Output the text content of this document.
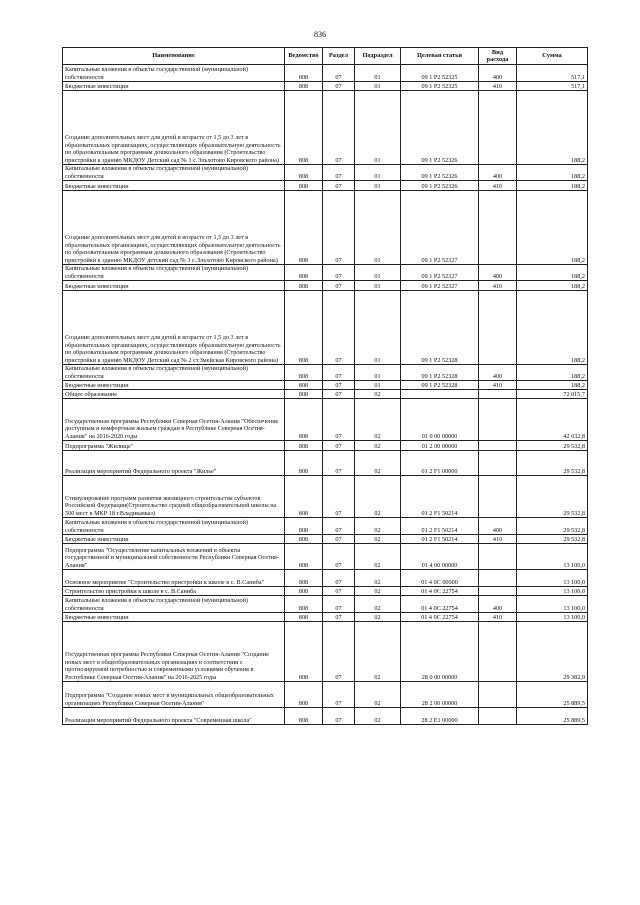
836
Наименование	Ведомство	Раздел	Подраздел	Целевая статья	Вид расхода	Сумма
Капитальные вложения в объекты государственной (муниципальной) собственности	808	07	01	09 1 P2 52325	400	517,1
Бюджетные инвестиции	808	07	01	09 1 P2 52325	410	517,1
Создание дополнительных мест для детей в возрасте от 1,5 до 3 лет в образовательных организациях, осуществляющих образовательную деятельность по образовательным программам дошкольного образования (Строительство пристройки к зданию МКДОУ Детский сад № 1 с.Эльхотово Кировского района)	808	07	01	09 1 P2 52326		188,2
Капитальные вложения в объекты государственной (муниципальной) собственности	808	07	01	09 1 P2 52326	400	188,2
Бюджетные инвестиции	808	07	01	09 1 P2 52326	410	188,2
Создание дополнительных мест для детей в возрасте от 1,5 до 3 лет в образовательных организациях, осуществляющих образовательную деятельность по образовательным программам дошкольного образования (Строительство пристройки к зданию МКДОУ детский сад № 3 с.Эльхотово Кировского района)	808	07	01	09 1 P2 52327		188,2
Капитальные вложения в объекты государственной (муниципальной) собственности	808	07	01	09 1 P2 52327	400	188,2
Бюджетные инвестиции	808	07	01	09 1 P2 52327	410	188,2
Создание дополнительных мест для детей в возрасте от 1,5 до 3 лет в образовательных организациях, осуществляющих образовательную деятельность по образовательным программам дошкольного образования (Строительство пристройки к зданию МКДОУ Детский сад № 2 ст.Змейская Кировского района)	808	07	01	09 1 P2 52328		188,2
Капитальные вложения в объекты государственной (муниципальной) собственности	808	07	01	09 1 P2 52328	400	188,2
Бюджетные инвестиции	808	07	01	09 1 P2 52328	410	188,2
Общее образование	808	07	02			72 015,7
Государственная программа Республики Северная Осетия-Алания "Обеспечение доступным и комфортным жильем граждан в Республике Северная Осетия-Алания" на 2016-2020 годы	808	07	02	01 0 00 00000		42 632,8
Подпрограмма "Жилище"	808	07	02	01 2 00 00000		29 532,8
Реализация мероприятий Федерального проекта "Жилье"	808	07	02	01 2 F1 00000		29 532,8
Стимулирование программ развития жилищного строительства субъектов Российской Федерации(Строительство средней общеобразовательной школы на 500 мест в МКР 18 г.Владикавказ)	808	07	02	01 2 F1 50214		29 532,8
Капитальные вложения в объекты государственной (муниципальной) собственности	808	07	02	01 2 F1 50214	400	29 532,8
Бюджетные инвестиции	808	07	02	01 2 F1 50214	410	29 532,8
Подпрограмма "Осуществление капитальных вложений в объекты государственной и муниципальной собственности Республики Северная Осетия-Алания"	808	07	02	01 4 00 00000		13 100,0
Основное мероприятие "Строительство пристройки к школе в с. В.Саниба"	808	07	02	01 4 0С 00000		13 100,0
Строительство пристройки к школе в с. В.Саниба	808	07	02	01 4 0С 22754		13 100,0
Капитальные вложения в объекты государственной (муниципальной) собственности	808	07	02	01 4 0С 22754	400	13 100,0
Бюджетные инвестиции	808	07	02	01 4 0С 22754	410	13 100,0
Государственная программа Республики Северная Осетия-Алания "Создание новых мест в общеобразовательных организациях в соответствии с прогнозируемой потребностью и современными условиями обучения в Республике Северная Осетия-Алания" на 2016-2025 годы	808	07	02	28 0 00 00000		29 382,9
Подпрограмма "Создание новых мест в муниципальных общеобразовательных организациях Республики Северная Осетия-Алания"	808	07	02	28 2 00 00000		25 889,5
Реализация мероприятий Федерального проекта "Современная школа"	808	07	02	28 2 E1 00000		25 889,5
